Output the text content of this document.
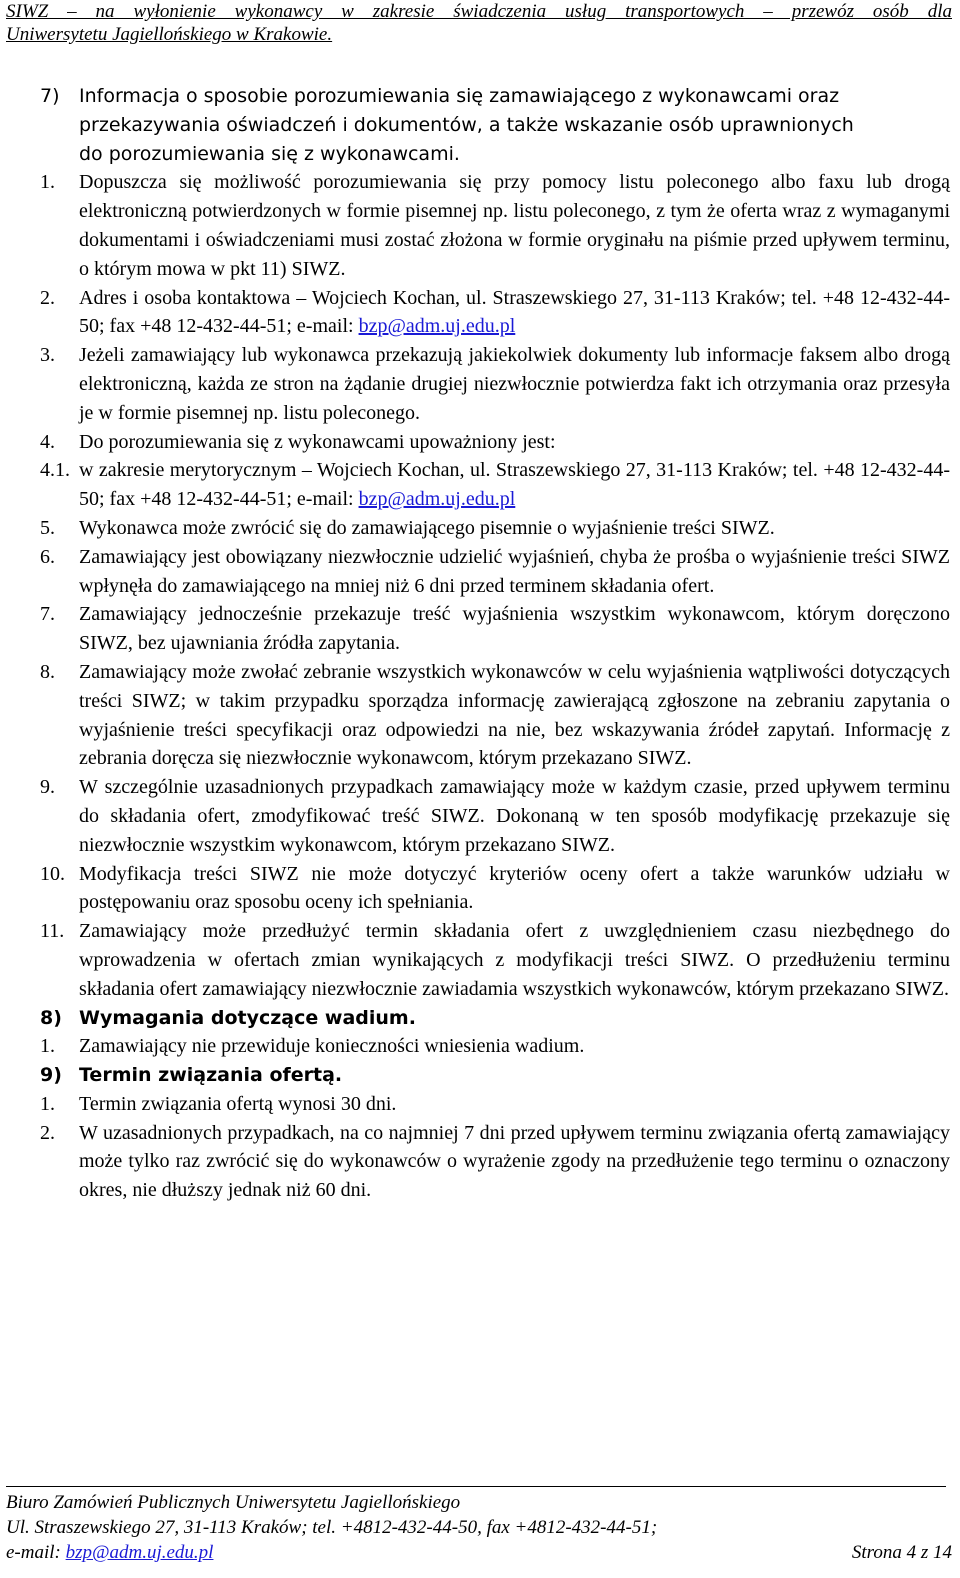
SIWZ – na wyłonienie wykonawcy w zakresie świadczenia usług transportowych – przewóz osób dla
Uniwersytetu Jagiellońskiego w Krakowie.
7)	Informacja o sposobie porozumiewania się zamawiającego z wykonawcami oraz
przekazywania oświadczeń i dokumentów, a także wskazanie osób uprawnionych
do porozumiewania się z wykonawcami.
1.	Dopuszcza się możliwość porozumiewania się przy pomocy listu poleconego albo faxu lub drogą elektroniczną potwierdzonych w formie pisemnej np. listu poleconego, z tym że oferta wraz z wymaganymi dokumentami i oświadczeniami musi zostać złożona w formie oryginału na piśmie przed upływem terminu, o którym mowa w pkt 11) SIWZ.
2.	Adres i osoba kontaktowa – Wojciech Kochan, ul. Straszewskiego 27, 31-113 Kraków; tel. +48 12-432-44-50; fax +48 12-432-44-51; e-mail: bzp@adm.uj.edu.pl
3.	Jeżeli zamawiający lub wykonawca przekazują jakiekolwiek dokumenty lub informacje faksem albo drogą elektroniczną, każda ze stron na żądanie drugiej niezwłocznie potwierdza fakt ich otrzymania oraz przesyła je w formie pisemnej np. listu poleconego.
4.	Do porozumiewania się z wykonawcami upoważniony jest:
4.1. w zakresie merytorycznym – Wojciech Kochan, ul. Straszewskiego 27, 31-113 Kraków; tel. +48 12-432-44-50; fax +48 12-432-44-51; e-mail: bzp@adm.uj.edu.pl
5.	Wykonawca może zwrócić się do zamawiającego pisemnie o wyjaśnienie treści SIWZ.
6.	Zamawiający jest obowiązany niezwłocznie udzielić wyjaśnień, chyba że prośba o wyjaśnienie treści SIWZ wpłynęła do zamawiającego na mniej niż 6 dni przed terminem składania ofert.
7.	Zamawiający jednocześnie przekazuje treść wyjaśnienia wszystkim wykonawcom, którym doręczono SIWZ, bez ujawniania źródła zapytania.
8.	Zamawiający może zwołać zebranie wszystkich wykonawców w celu wyjaśnienia wątpliwości dotyczących treści SIWZ; w takim przypadku sporządza informację zawierającą zgłoszone na zebraniu zapytania o wyjaśnienie treści specyfikacji oraz odpowiedzi na nie, bez wskazywania źródeł zapytań. Informację z zebrania doręcza się niezwłocznie wykonawcom, którym przekazano SIWZ.
9.	W szczególnie uzasadnionych przypadkach zamawiający może w każdym czasie, przed upływem terminu do składania ofert, zmodyfikować treść SIWZ. Dokonaną w ten sposób modyfikację przekazuje się niezwłocznie wszystkim wykonawcom, którym przekazano SIWZ.
10. Modyfikacja treści SIWZ nie może dotyczyć kryteriów oceny ofert a także warunków udziału w postępowaniu oraz sposobu oceny ich spełniania.
11. Zamawiający może przedłużyć termin składania ofert z uwzględnieniem czasu niezbędnego do wprowadzenia w ofertach zmian wynikających z modyfikacji treści SIWZ. O przedłużeniu terminu składania ofert zamawiający niezwłocznie zawiadamia wszystkich wykonawców, którym przekazano SIWZ.
8) Wymagania dotyczące wadium.
1.	Zamawiający nie przewiduje konieczności wniesienia wadium.
9) Termin związania ofertą.
1.	Termin związania ofertą wynosi 30 dni.
2.	W uzasadnionych przypadkach, na co najmniej 7 dni przed upływem terminu związania ofertą zamawiający może tylko raz zwrócić się do wykonawców o wyrażenie zgody na przedłużenie tego terminu o oznaczony okres, nie dłuższy jednak niż 60 dni.
Biuro Zamówień Publicznych Uniwersytetu Jagiellońskiego
Ul. Straszewskiego 27, 31-113 Kraków; tel. +4812-432-44-50, fax +4812-432-44-51;
e-mail: bzp@adm.uj.edu.pl	Strona 4 z 14
